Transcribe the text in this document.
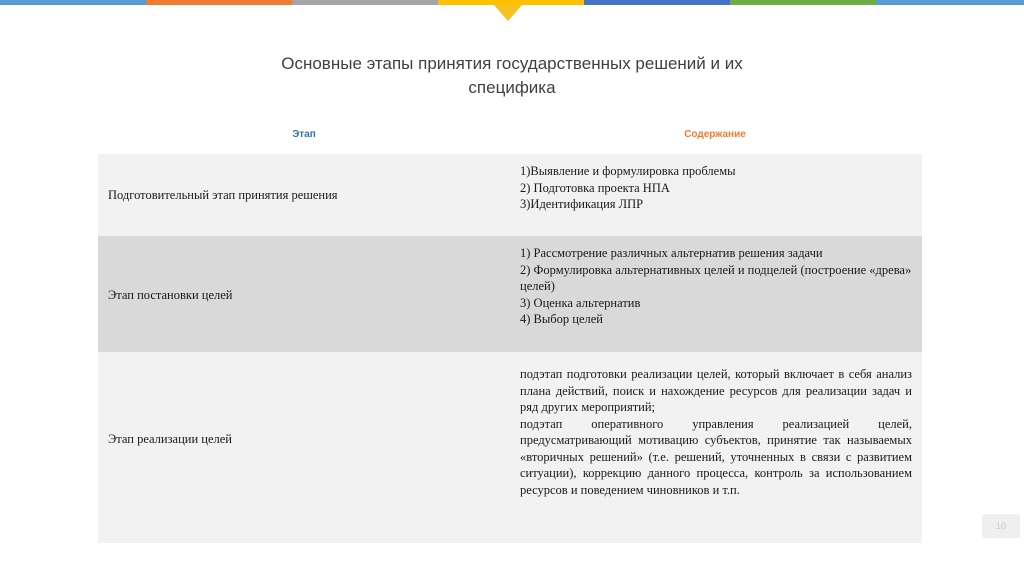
Основные этапы принятия государственных решений и их
специфика
Этап	Содержание
Подготовительный этап принятия решения
1)Выявление и формулировка проблемы
2) Подготовка проекта НПА
3)Идентификация ЛПР
Этап постановки целей
1) Рассмотрение различных альтернатив решения задачи
2) Формулировка альтернативных целей и подцелей (построение «древа» целей)
3) Оценка альтернатив
4) Выбор целей
Этап реализации целей
подэтап подготовки реализации целей, который включает в себя анализ плана действий, поиск и нахождение ресурсов для реализации задач и ряд других мероприятий;
подэтап оперативного управления реализацией целей, предусматривающий мотивацию субъектов, принятие так называемых «вторичных решений» (т.е. решений, уточненных в связи с развитием ситуации), коррекцию данного процесса, контроль за использованием ресурсов и поведением чиновников и т.п.
10
